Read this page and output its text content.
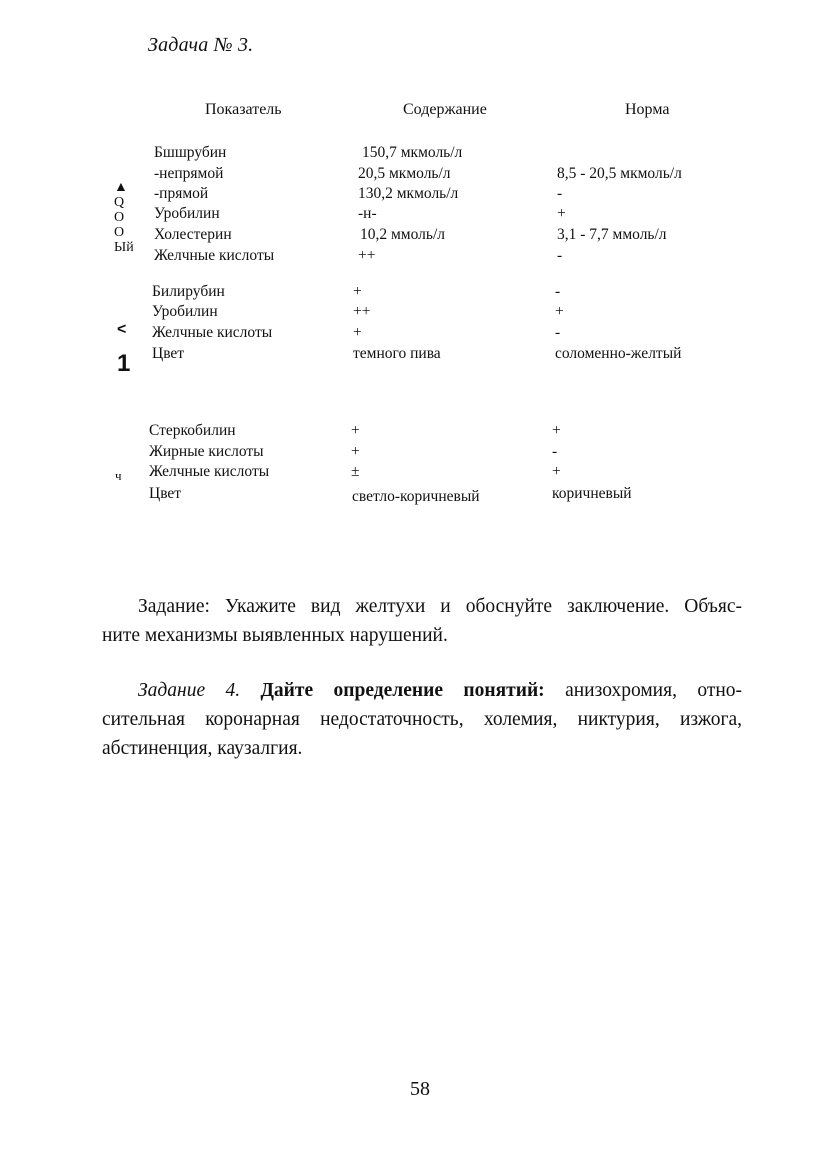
Задача № 3.
Показатель	Содержание	Норма
▲
Q
O
O
Ый
<
1
ч
Бшшрубин	150,7 мкмоль/л
-непрямой	20,5 мкмоль/л	8,5 - 20,5 мкмоль/л
-прямой	130,2 мкмоль/л	-
Уробилин	-н-	+
Холестерин	10,2 ммоль/л	3,1 - 7,7 ммоль/л
Желчные кислоты	++	-
Билирубин	+	-
Уробилин	++	+
Желчные кислоты	+	-
Цвет	темного пива	соломенно-желтый
Стеркобилин	+	+
Жирные кислоты	+	-
Желчные кислоты	±	+
Цвет	светло-коричневый	коричневый
Задание: Укажите вид желтухи и обоснуйте заключение. Объяс-
ните механизмы выявленных нарушений.
Задание 4. Дайте определение понятий: анизохромия, отно-
сительная коронарная недостаточность, холемия, никтурия, изжога,
абстиненция, каузалгия.
58
